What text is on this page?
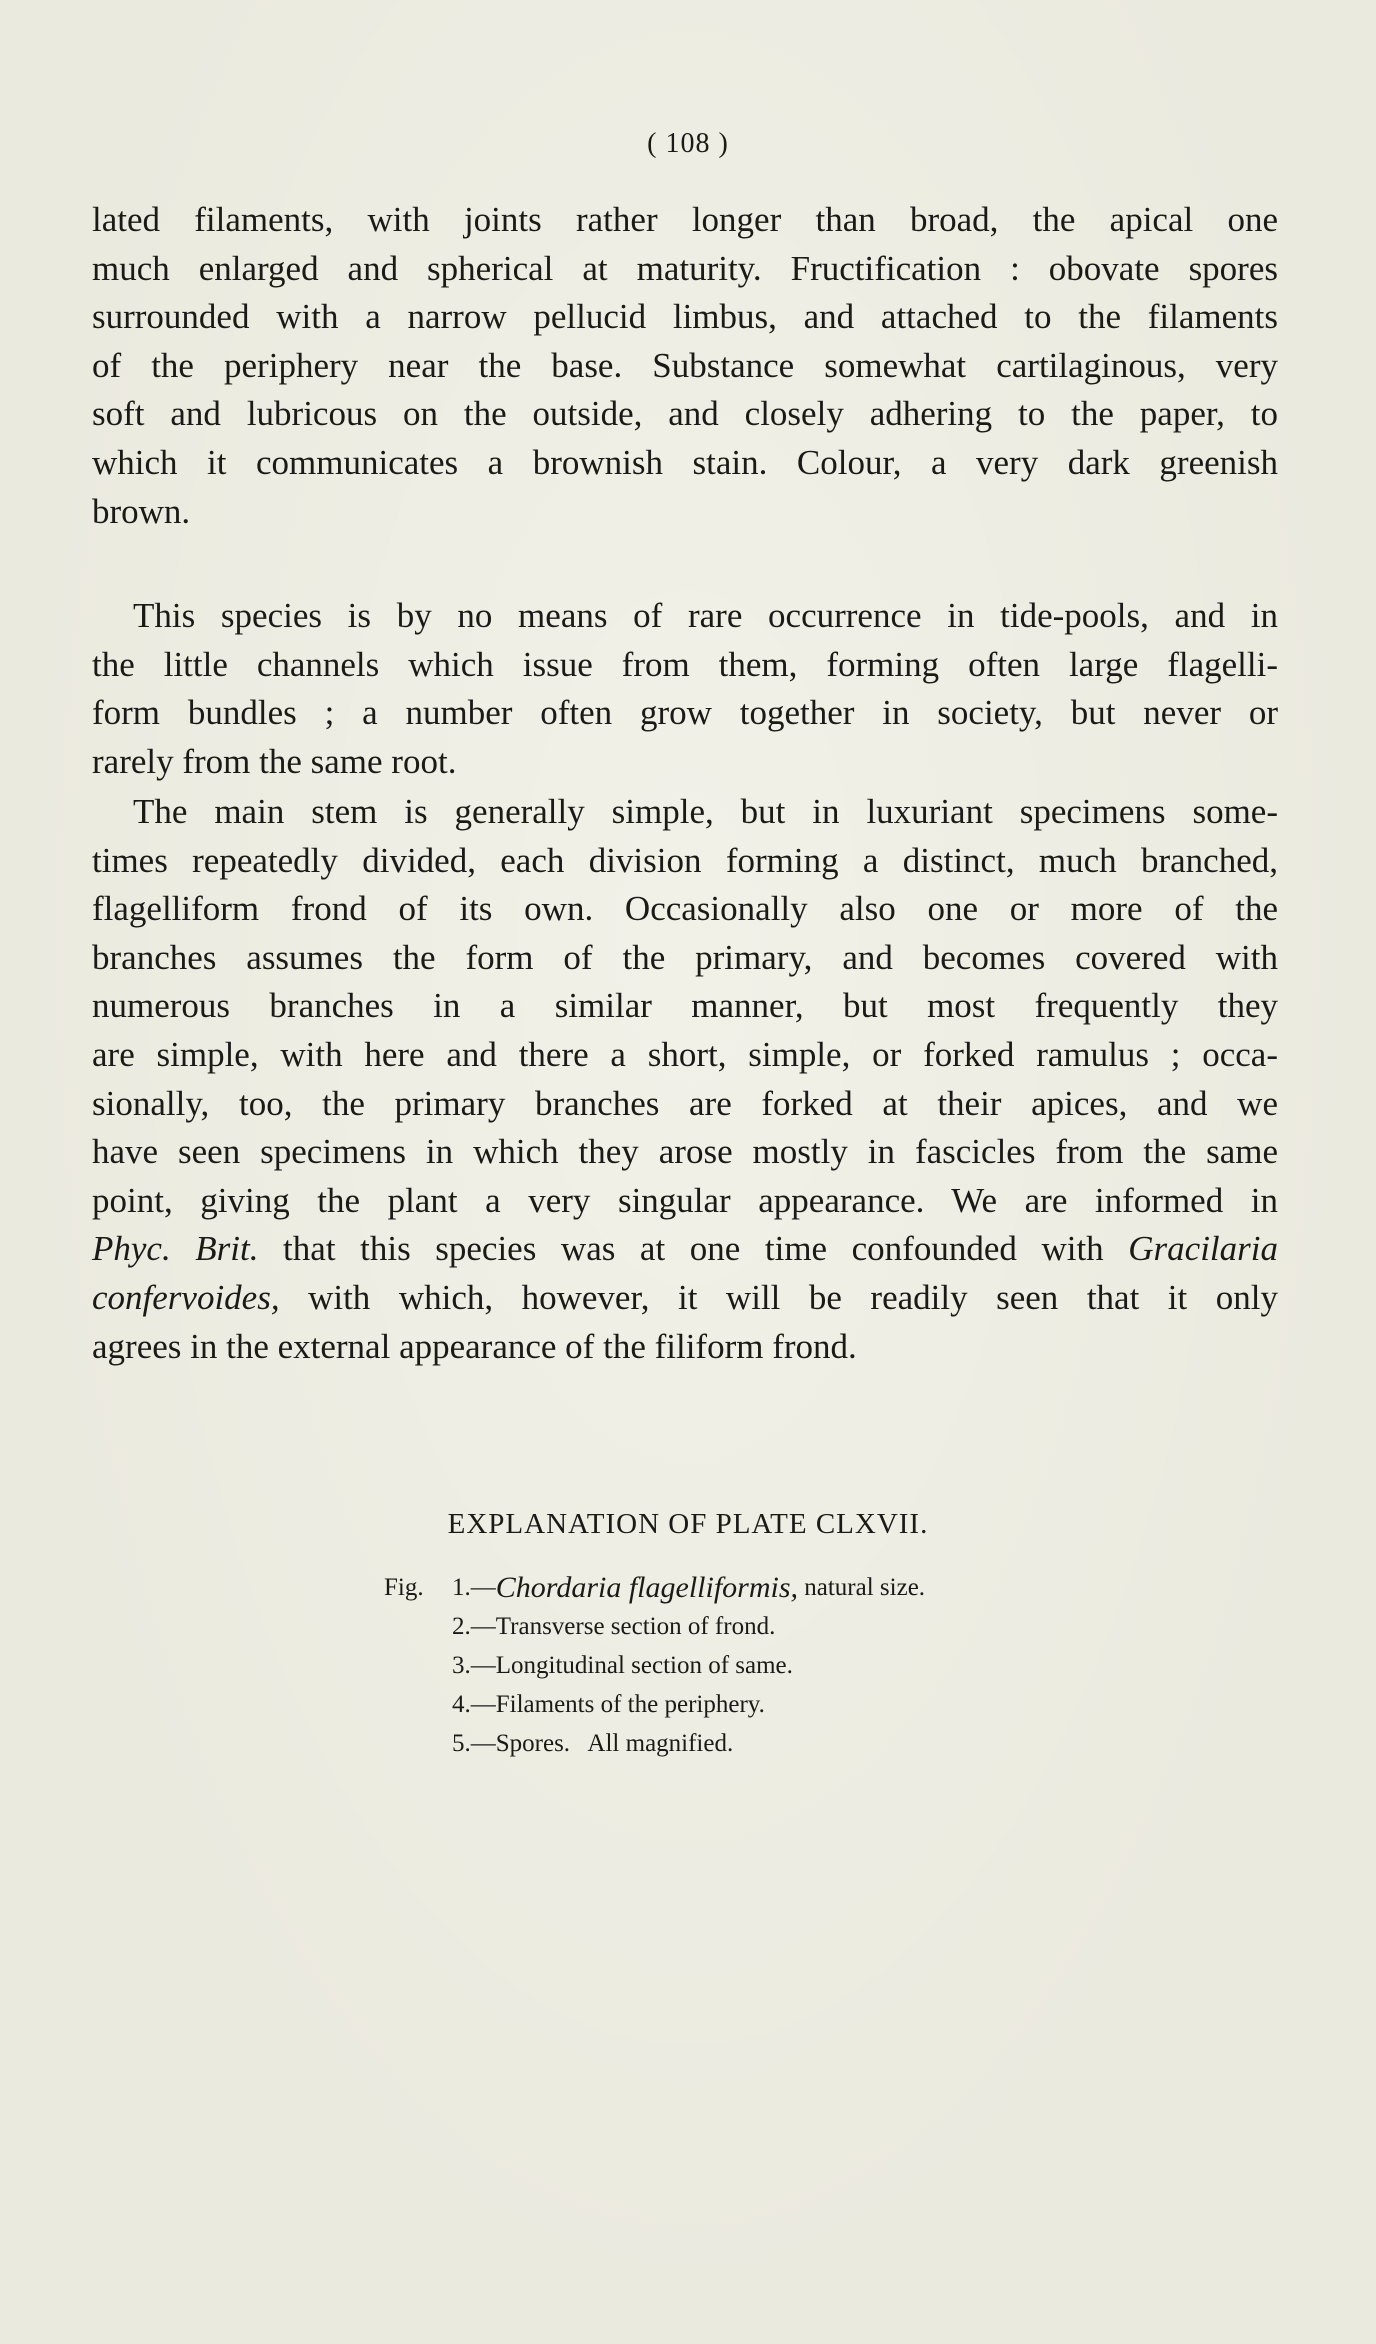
( 108 )

lated filaments, with joints rather longer than broad, the apical one

much enlarged and spherical at maturity. Fructification : obovate spores

surrounded with a narrow pellucid limbus, and attached to the filaments

of the periphery near the base. Substance somewhat cartilaginous, very

soft and lubricous on the outside, and closely adhering to the paper, to

which it communicates a brownish stain. Colour, a very dark greenish

brown.

This species is by no means of rare occurrence in tide-pools, and in

the little channels which issue from them, forming often large flagelli-

form bundles ; a number often grow together in society, but never or

rarely from the same root.

The main stem is generally simple, but in luxuriant specimens some-

times repeatedly divided, each division forming a distinct, much branched,

flagelliform frond of its own. Occasionally also one or more of the

branches assumes the form of the primary, and becomes covered with

numerous branches in a similar manner, but most frequently they

are simple, with here and there a short, simple, or forked ramulus ; occa-

sionally, too, the primary branches are forked at their apices, and we

have seen specimens in which they arose mostly in fascicles from the same

point, giving the plant a very singular appearance. We are informed in

Phyc. Brit. that this species was at one time confounded with Gracilaria

confervoides, with which, however, it will be readily seen that it only

agrees in the external appearance of the filiform frond.

EXPLANATION OF PLATE CLXVII.
Fig.	1.— Chordaria flagelliformis, natural size.
2.—Transverse section of frond.
3.—Longitudinal section of same.
4.—Filaments of the periphery.
5.—Spores.   All magnified.
